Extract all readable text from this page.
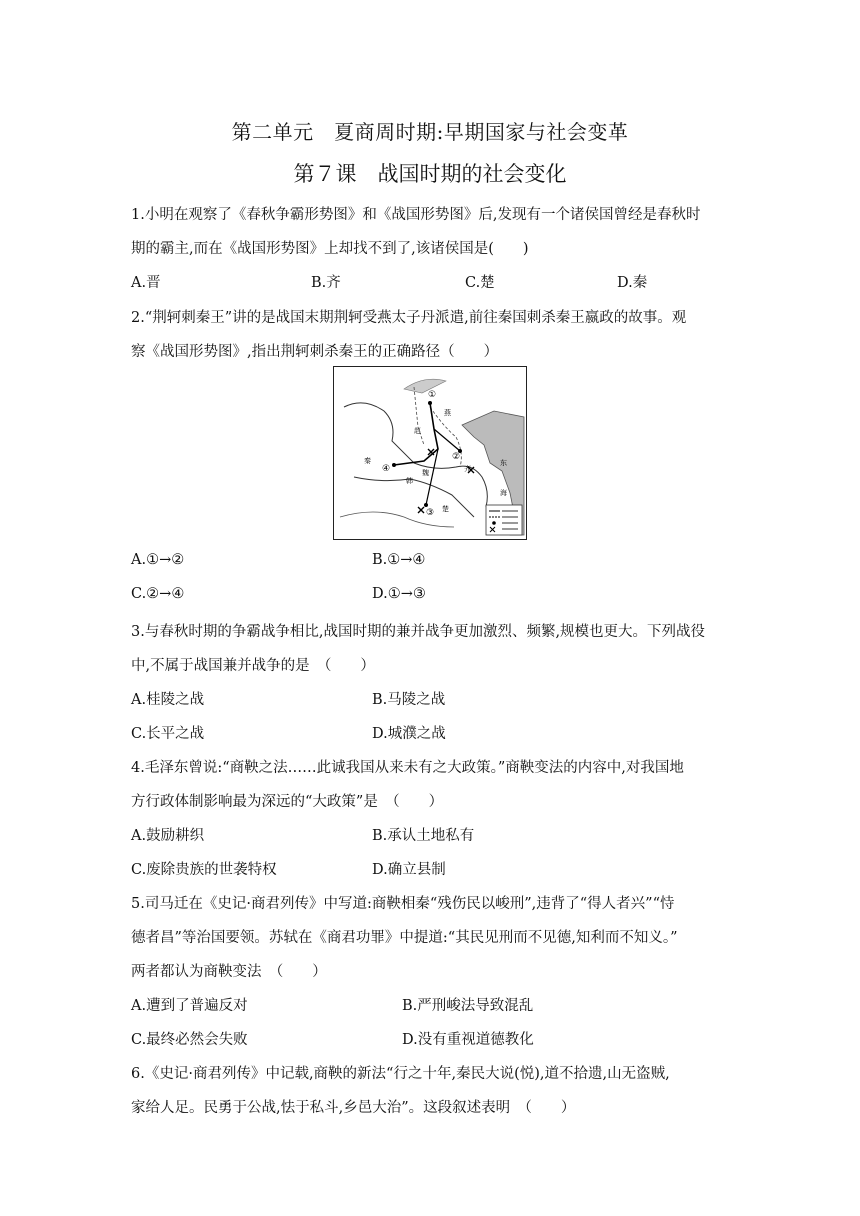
第二单元　夏商周时期:早期国家与社会变革
第７课　战国时期的社会变化
1.小明在观察了《春秋争霸形势图》和《战国形势图》后,发现有一个诸侯国曾经是春秋时
期的霸主,而在《战国形势图》上却找不到了,该诸侯国是(　　)
A.晋	B.齐	C.楚	D.秦
2.“荆轲刺秦王”讲的是战国末期荆轲受燕太子丹派遣,前往秦国刺杀秦王嬴政的故事。观
察《战国形势图》,指出荆轲刺杀秦王的正确路径（　　）
①
②
③
④
燕
赵
魏
韩
秦
齐
楚
东
海
A.①→②	B.①→④
C.②→④	D.①→③
3.与春秋时期的争霸战争相比,战国时期的兼并战争更加激烈、频繁,规模也更大。下列战役
中,不属于战国兼并战争的是　（　　）
A.桂陵之战	B.马陵之战
C.长平之战	D.城濮之战
4.毛泽东曾说:“商鞅之法……此诚我国从来未有之大政策。”商鞅变法的内容中,对我国地
方行政体制影响最为深远的“大政策”是　（　　）
A.鼓励耕织	B.承认土地私有
C.废除贵族的世袭特权	D.确立县制
5.司马迁在《史记·商君列传》中写道:商鞅相秦“残伤民以峻刑”,违背了“得人者兴”“恃
德者昌”等治国要领。苏轼在《商君功罪》中提道:“其民见刑而不见德,知利而不知义。”
两者都认为商鞅变法　（　　）
A.遭到了普遍反对	B.严刑峻法导致混乱
C.最终必然会失败	D.没有重视道德教化
6.《史记·商君列传》中记载,商鞅的新法“行之十年,秦民大说(悦),道不拾遗,山无盗贼,
家给人足。民勇于公战,怯于私斗,乡邑大治”。这段叙述表明　（　　）
